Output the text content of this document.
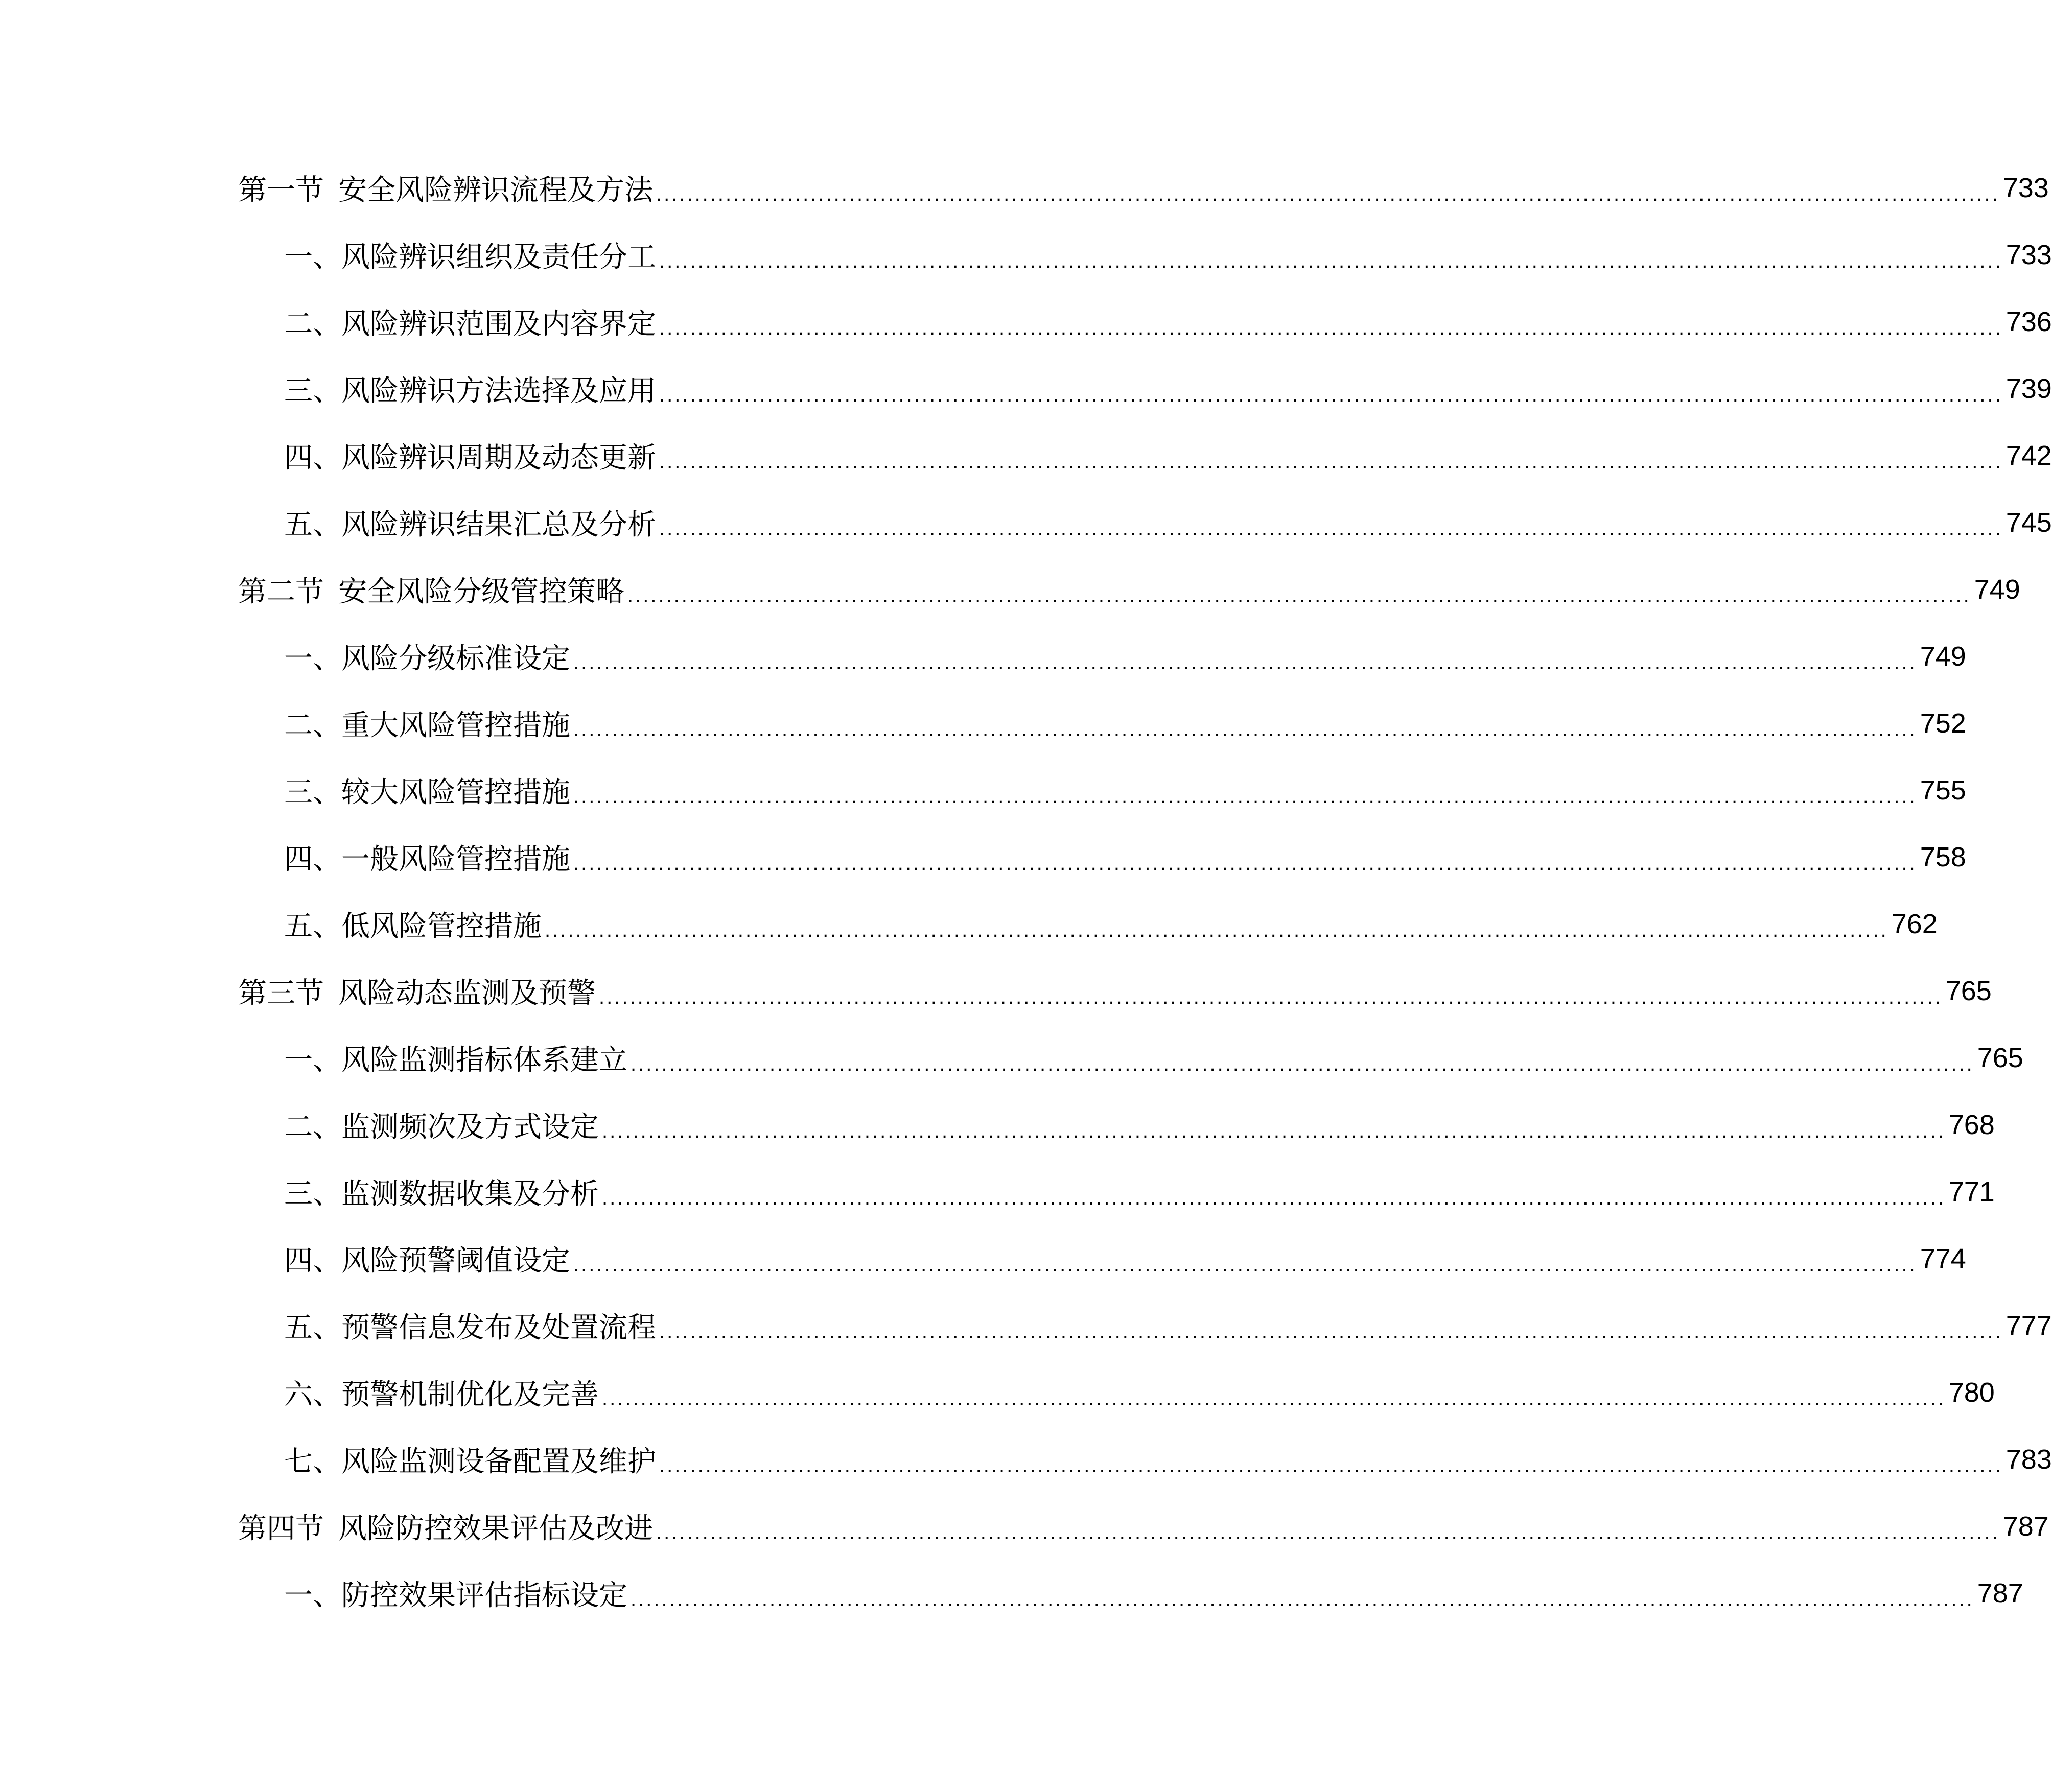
第一节 安全风险辨识流程及方法 .............................................................................................................................................................................. 733
一、风险辨识组织及责任分工 .............................................................................................................................................................................. 733
二、风险辨识范围及内容界定 .............................................................................................................................................................................. 736
三、风险辨识方法选择及应用 .............................................................................................................................................................................. 739
四、风险辨识周期及动态更新 .............................................................................................................................................................................. 742
五、风险辨识结果汇总及分析 .............................................................................................................................................................................. 745
第二节 安全风险分级管控策略 .............................................................................................................................................................................. 749
一、风险分级标准设定 .............................................................................................................................................................................. 749
二、重大风险管控措施 .............................................................................................................................................................................. 752
三、较大风险管控措施 .............................................................................................................................................................................. 755
四、一般风险管控措施 .............................................................................................................................................................................. 758
五、低风险管控措施 .............................................................................................................................................................................. 762
第三节 风险动态监测及预警 .............................................................................................................................................................................. 765
一、风险监测指标体系建立 .............................................................................................................................................................................. 765
二、监测频次及方式设定 .............................................................................................................................................................................. 768
三、监测数据收集及分析 .............................................................................................................................................................................. 771
四、风险预警阈值设定 .............................................................................................................................................................................. 774
五、预警信息发布及处置流程 .............................................................................................................................................................................. 777
六、预警机制优化及完善 .............................................................................................................................................................................. 780
七、风险监测设备配置及维护 .............................................................................................................................................................................. 783
第四节 风险防控效果评估及改进 .............................................................................................................................................................................. 787
一、防控效果评估指标设定 .............................................................................................................................................................................. 787
